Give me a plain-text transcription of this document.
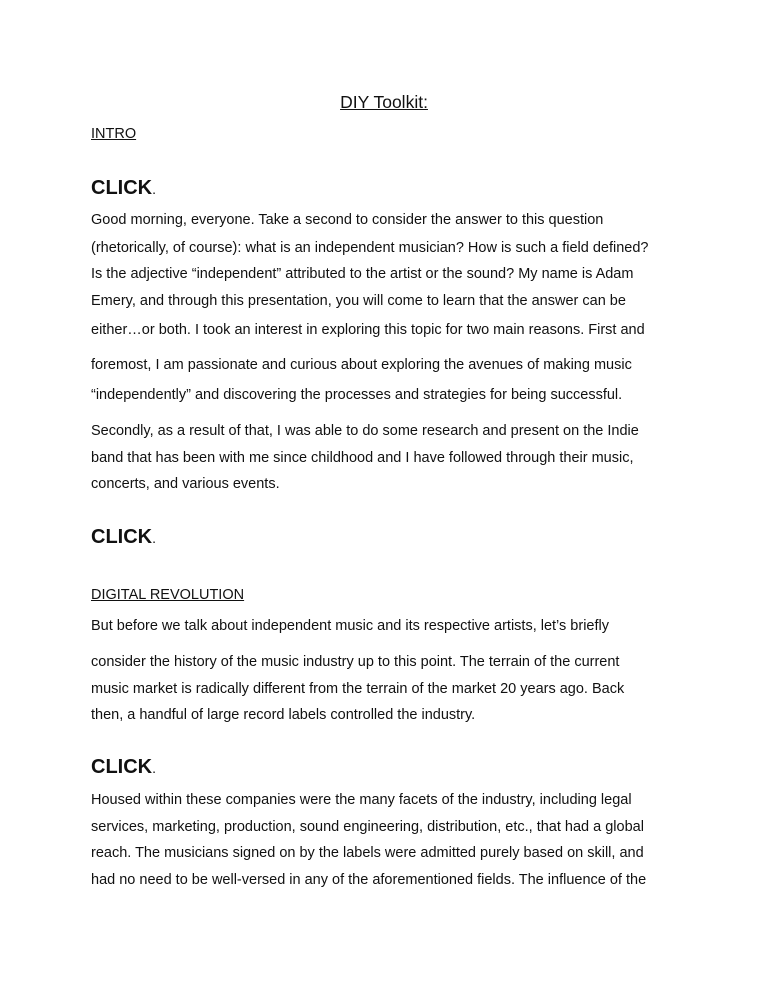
DIY Toolkit:
INTRO
CLICK.
Good morning, everyone. Take a second to consider the answer to this question
(rhetorically, of course): what is an independent musician? How is such a field defined?
Is the adjective “independent” attributed to the artist or the sound? My name is Adam
Emery, and through this presentation, you will come to learn that the answer can be
either…or both. I took an interest in exploring this topic for two main reasons. First and
foremost, I am passionate and curious about exploring the avenues of making music
“independently” and discovering the processes and strategies for being successful.
Secondly, as a result of that, I was able to do some research and present on the Indie
band that has been with me since childhood and I have followed through their music,
concerts, and various events.
CLICK.
DIGITAL REVOLUTION
But before we talk about independent music and its respective artists, let’s briefly
consider the history of the music industry up to this point. The terrain of the current
music market is radically different from the terrain of the market 20 years ago. Back
then, a handful of large record labels controlled the industry.
CLICK.
Housed within these companies were the many facets of the industry, including legal
services, marketing, production, sound engineering, distribution, etc., that had a global
reach. The musicians signed on by the labels were admitted purely based on skill, and
had no need to be well-versed in any of the aforementioned fields. The influence of the
